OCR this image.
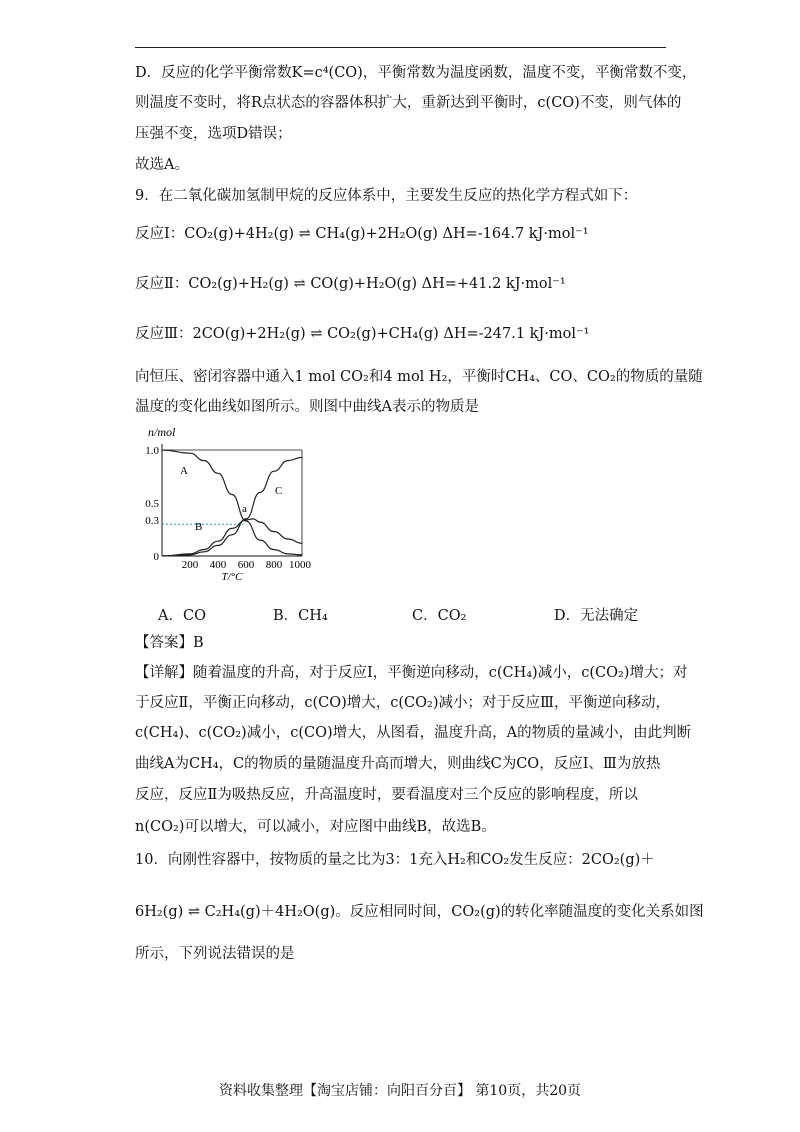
D．反应的化学平衡常数K=c⁴(CO)，平衡常数为温度函数，温度不变，平衡常数不变，
则温度不变时，将R点状态的容器体积扩大，重新达到平衡时，c(CO)不变，则气体的
压强不变，选项D错误；
故选A。
9．在二氧化碳加氢制甲烷的反应体系中，主要发生反应的热化学方程式如下：
反应Ⅰ：CO₂(g)+4H₂(g) ⇌ CH₄(g)+2H₂O(g) ΔH=-164.7 kJ·mol⁻¹
反应Ⅱ：CO₂(g)+H₂(g) ⇌ CO(g)+H₂O(g) ΔH=+41.2 kJ·mol⁻¹
反应Ⅲ：2CO(g)+2H₂(g) ⇌ CO₂(g)+CH₄(g) ΔH=-247.1 kJ·mol⁻¹
向恒压、密闭容器中通入1 mol CO₂和4 mol H₂，平衡时CH₄、CO、CO₂的物质的量随
温度的变化曲线如图所示。则图中曲线A表示的物质是
n/mol
1.0
0.5
0.3
0
200 400 600 800 1000
T/°C
A
B
C
a
A．CO	B．CH₄	C．CO₂	D．无法确定
【答案】B
【详解】随着温度的升高，对于反应Ⅰ，平衡逆向移动，c(CH₄)减小，c(CO₂)增大；对
于反应Ⅱ，平衡正向移动，c(CO)增大，c(CO₂)减小；对于反应Ⅲ，平衡逆向移动，
c(CH₄)、c(CO₂)减小，c(CO)增大，从图看，温度升高，A的物质的量减小，由此判断
曲线A为CH₄，C的物质的量随温度升高而增大，则曲线C为CO，反应Ⅰ、Ⅲ为放热
反应，反应Ⅱ为吸热反应，升高温度时，要看温度对三个反应的影响程度，所以
n(CO₂)可以增大，可以减小，对应图中曲线B，故选B。
10．向刚性容器中，按物质的量之比为3：1充入H₂和CO₂发生反应：2CO₂(g)＋
6H₂(g) ⇌ C₂H₄(g)＋4H₂O(g)。反应相同时间，CO₂(g)的转化率随温度的变化关系如图
所示，下列说法错误的是
资料收集整理【淘宝店铺：向阳百分百】 第10页，共20页
